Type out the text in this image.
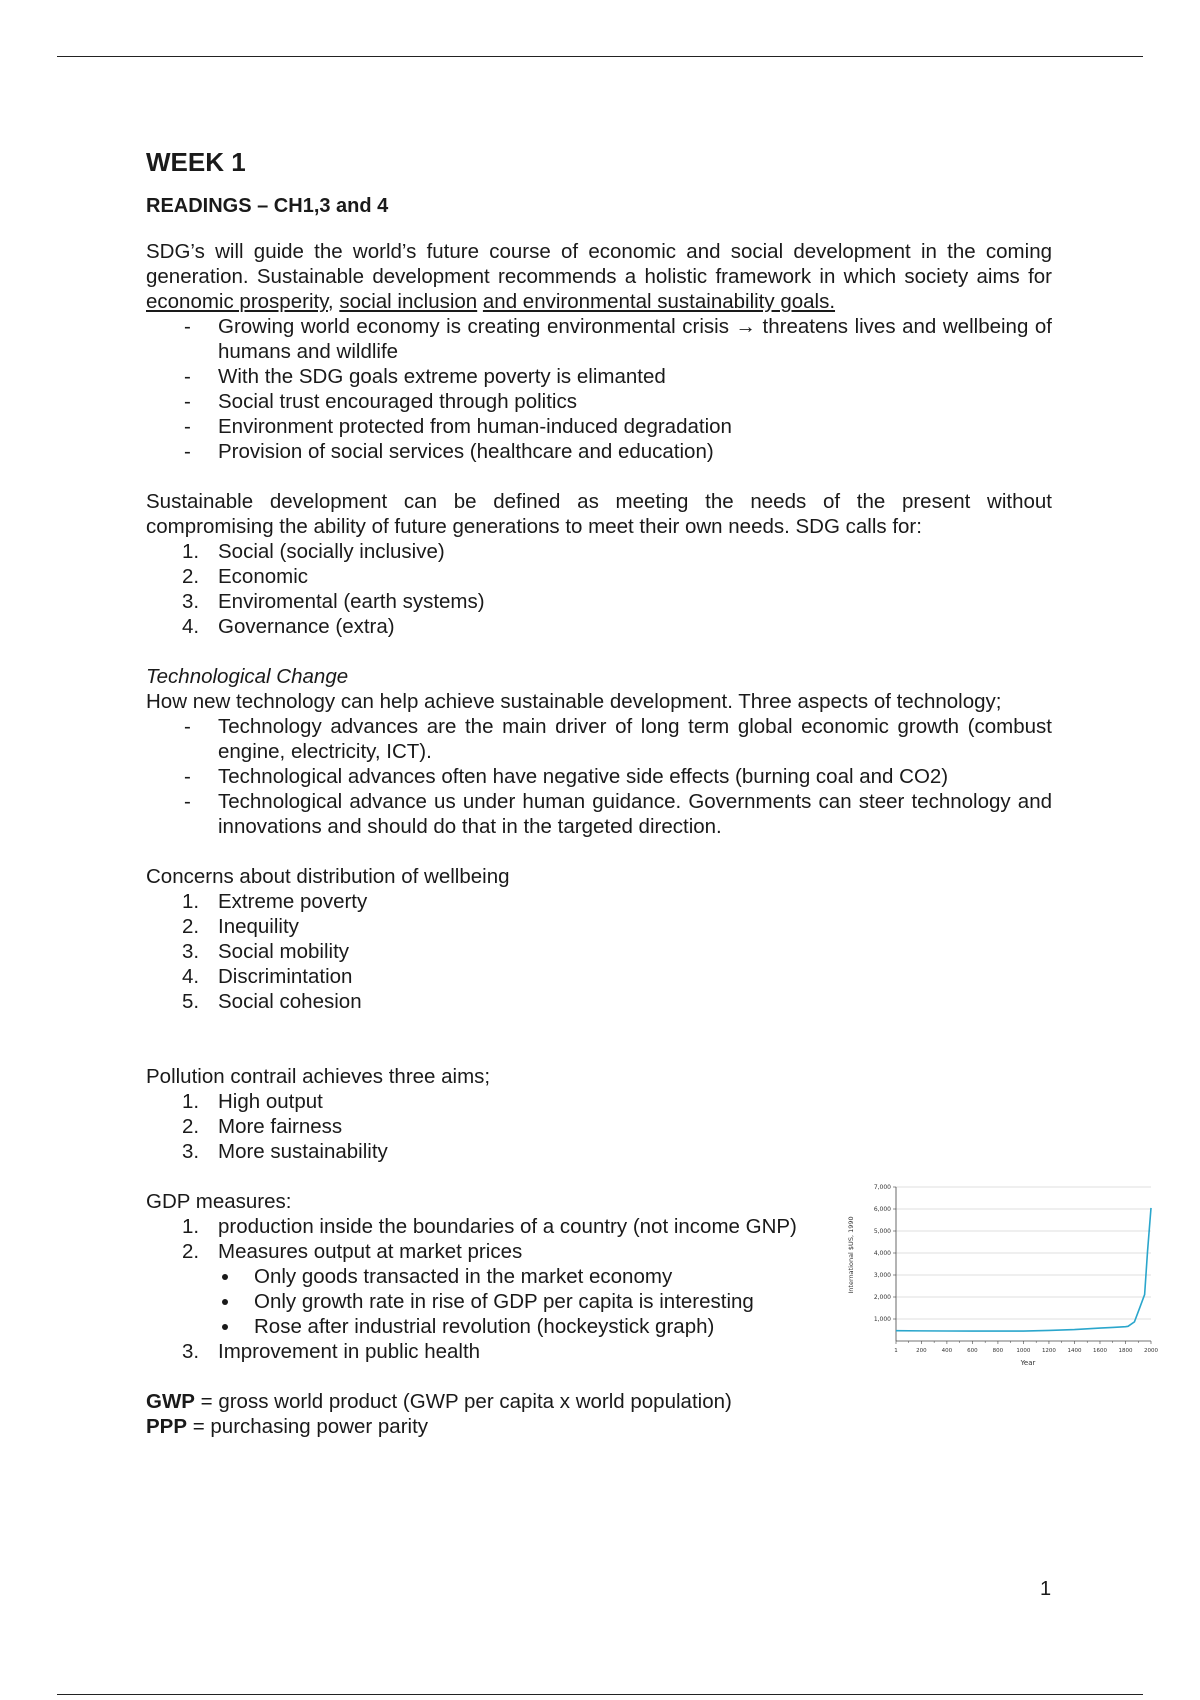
WEEK 1
READINGS – CH1,3 and 4

SDG’s will guide the world’s future course of economic and social development in the coming generation. Sustainable development recommends a holistic framework in which society aims for economic prosperity, social inclusion and environmental sustainability goals.

- Growing world economy is creating environmental crisis → threatens lives and wellbeing of humans and wildlife
- With the SDG goals extreme poverty is elimanted
- Social trust encouraged through politics
- Environment protected from human-induced degradation
- Provision of social services (healthcare and education)

Sustainable development can be defined as meeting the needs of the present without compromising the ability of future generations to meet their own needs. SDG calls for:

1. Social (socially inclusive)
2. Economic
3. Enviromental (earth systems)
4. Governance (extra)

Technological Change

How new technology can help achieve sustainable development. Three aspects of technology;

- Technology advances are the main driver of long term global economic growth (combust engine, electricity, ICT).
- Technological advances often have negative side effects (burning coal and CO2)
- Technological advance us under human guidance. Governments can steer technology and innovations and should do that in the targeted direction.

Concerns about distribution of wellbeing

1. Extreme poverty
2. Inequility
3. Social mobility
4. Discrimintation
5. Social cohesion

Pollution contrail achieves three aims;

1. High output
2. More fairness
3. More sustainability

GDP measures:

1. production inside the boundaries of a country (not income GNP)
2. Measures output at market prices
Only goods transacted in the market economy
Only growth rate in rise of GDP per capita is interesting
Rose after industrial revolution (hockeystick graph)
3. Improvement in public health
International $US, 1990
Year
1,000
2,000
3,000
4,000
5,000
6,000
7,000
1	200	400	600	800 1000 1200 1400 1600 1800 2000

GWP = gross world product (GWP per capita x world population)

PPP = purchasing power parity

1
